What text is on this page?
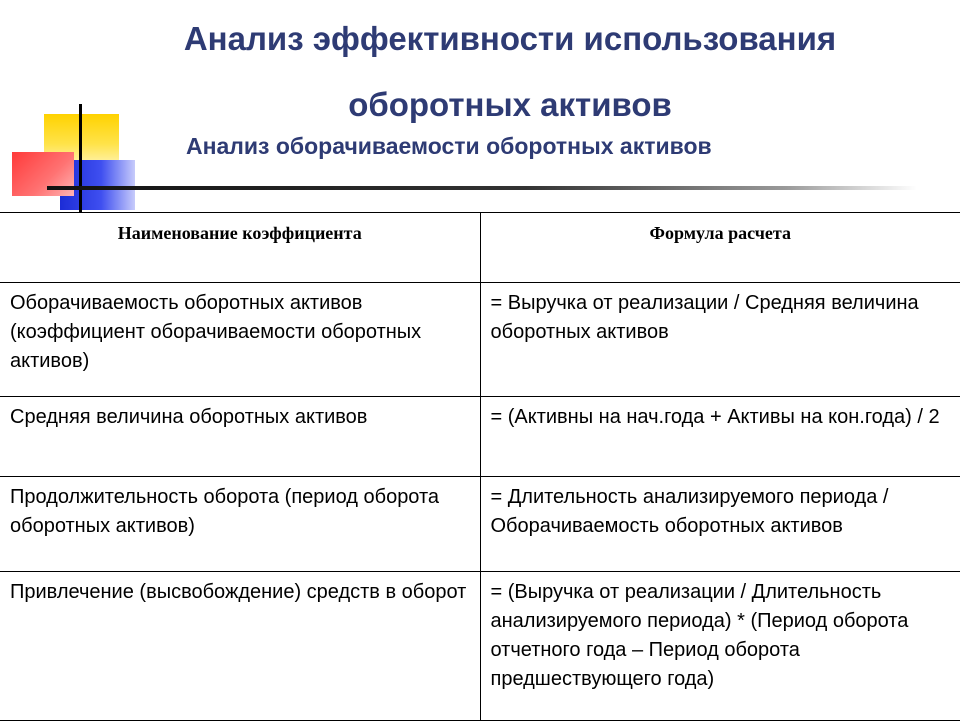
Анализ эффективности использования
оборотных активов
Анализ оборачиваемости оборотных активов
Наименование коэффициента	Формула расчета
Оборачиваемость оборотных активов (коэффициент оборачиваемости оборотных активов)	= Выручка от реализации / Средняя величина оборотных активов
Средняя величина оборотных активов	= (Активны на нач.года + Активы на кон.года) / 2
Продолжительность оборота (период оборота оборотных активов)	= Длительность анализируемого периода / Оборачиваемость оборотных активов
Привлечение (высвобождение) средств в оборот	= (Выручка от реализации / Длительность анализируемого периода) * (Период оборота отчетного года – Период оборота предшествующего года)
